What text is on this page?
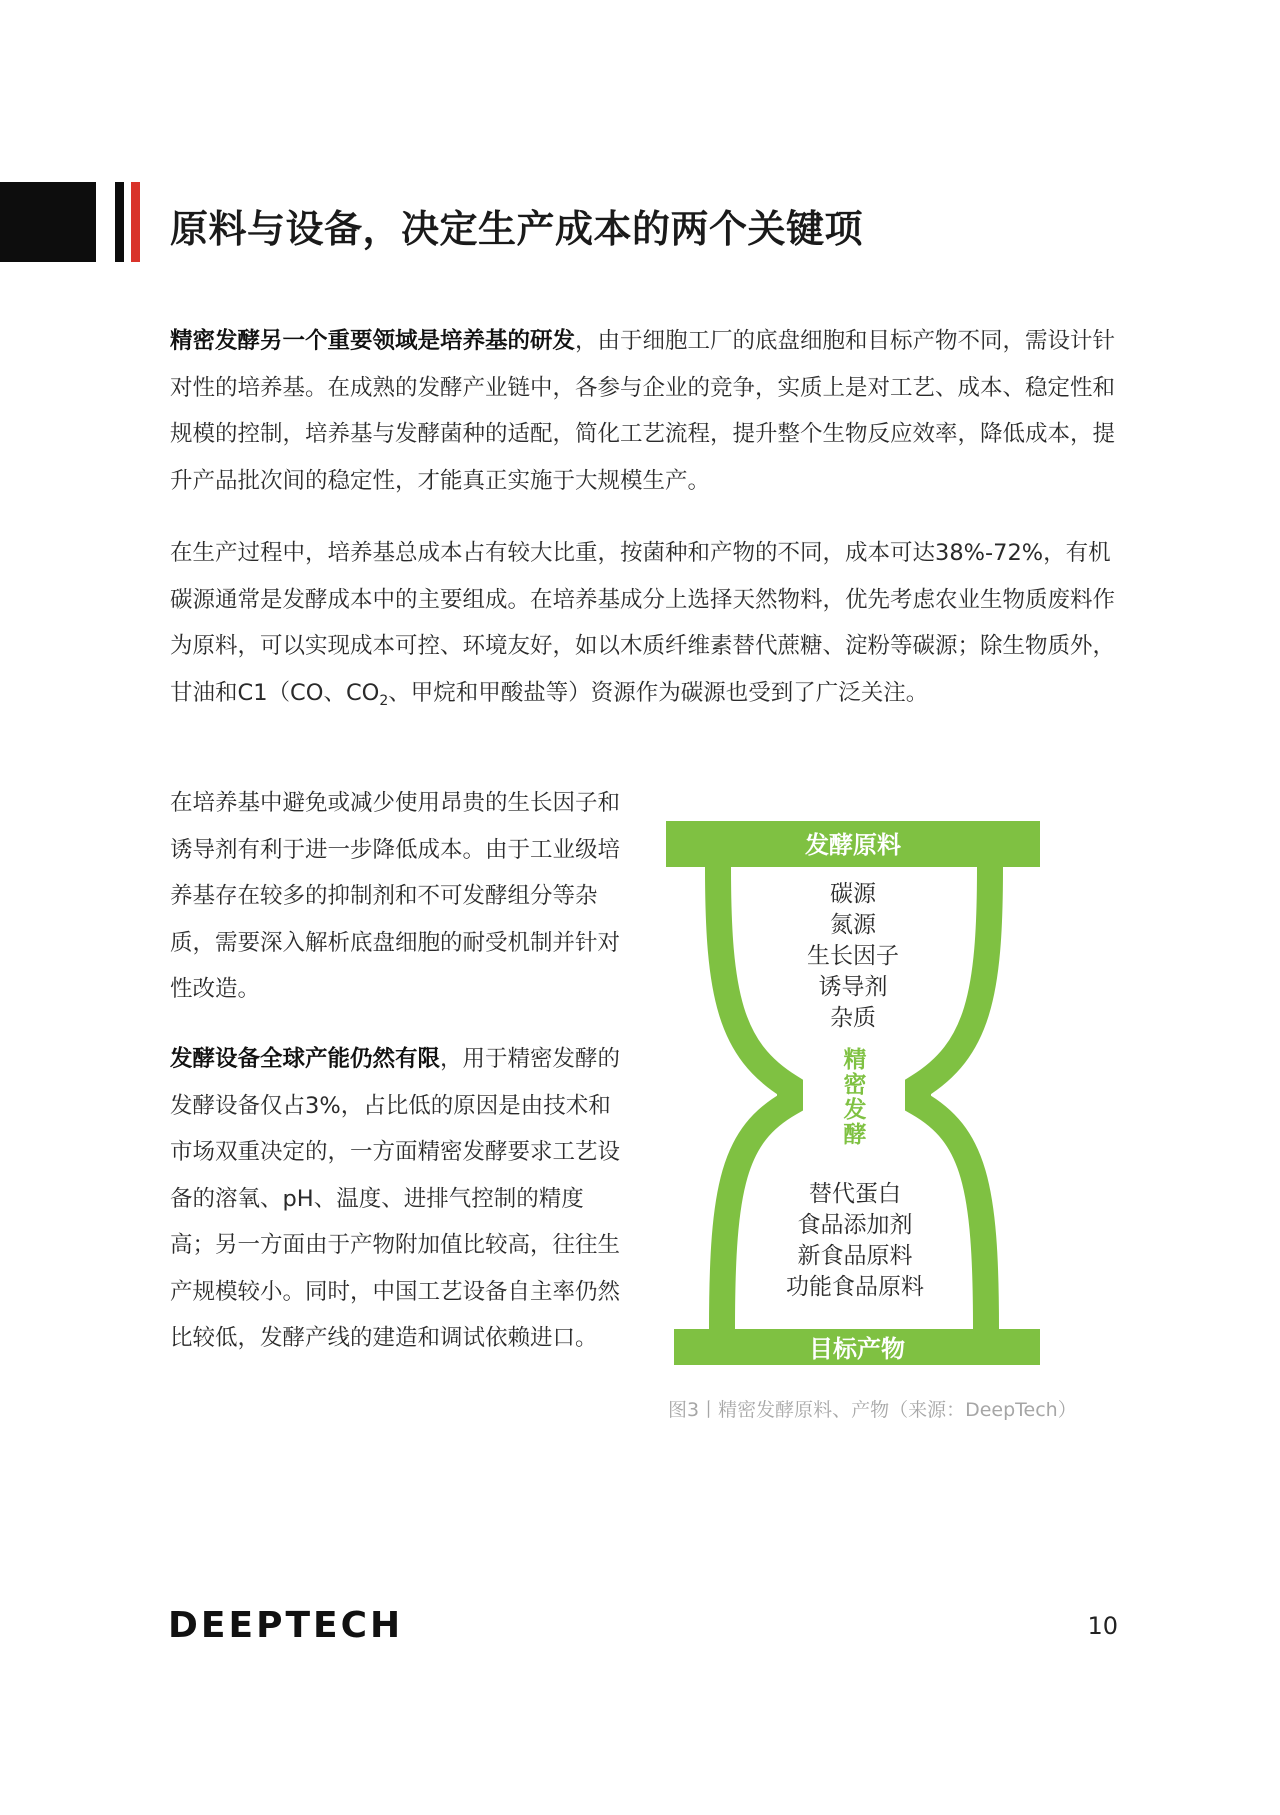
原料与设备，决定生产成本的两个关键项

精密发酵另一个重要领域是培养基的研发，由于细胞工厂的底盘细胞和目标产物不同，需设计针对性的培养基。在成熟的发酵产业链中，各参与企业的竞争，实质上是对工艺、成本、稳定性和规模的控制，培养基与发酵菌种的适配，简化工艺流程，提升整个生物反应效率，降低成本，提升产品批次间的稳定性，才能真正实施于大规模生产。

在生产过程中，培养基总成本占有较大比重，按菌种和产物的不同，成本可达38%-72%，有机碳源通常是发酵成本中的主要组成。在培养基成分上选择天然物料，优先考虑农业生物质废料作为原料，可以实现成本可控、环境友好，如以木质纤维素替代蔗糖、淀粉等碳源；除生物质外，甘油和C1（CO、$CO_2$、甲烷和甲酸盐等）资源作为碳源也受到了广泛关注。

在培养基中避免或减少使用昂贵的生长因子和诱导剂有利于进一步降低成本。由于工业级培养基存在较多的抑制剂和不可发酵组分等杂质，需要深入解析底盘细胞的耐受机制并针对性改造。

发酵设备全球产能仍然有限，用于精密发酵的发酵设备仅占3%，占比低的原因是由技术和市场双重决定的，一方面精密发酵要求工艺设备的溶氧、pH、温度、进排气控制的精度高；另一方面由于产物附加值比较高，往往生产规模较小。同时，中国工艺设备自主率仍然比较低，发酵产线的建造和调试依赖进口。

发酵原料
目标产物
碳源
氮源
生长因子
诱导剂
杂质
精
密
发
酵
替代蛋白
食品添加剂
新食品原料
功能食品原料

图3丨精密发酵原料、产物（来源：DeepTech）

DEEPTECH	10
